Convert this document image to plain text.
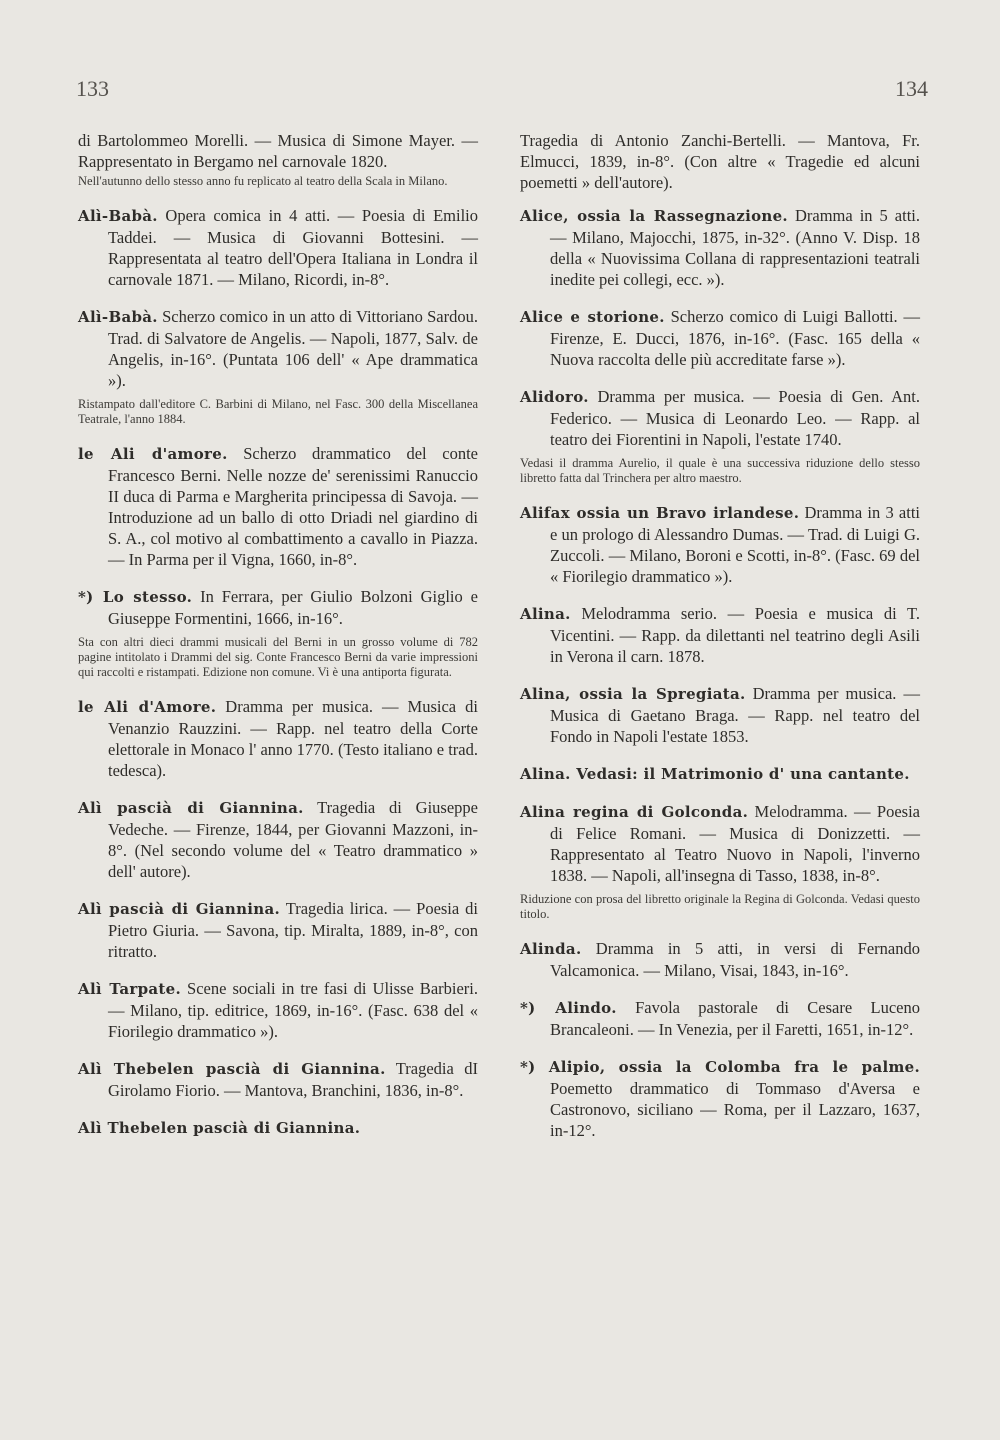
133	134

di Bartolommeo Morelli. — Musica di Simone Mayer. — Rappresentato in Bergamo nel carnovale 1820.

Nell'autunno dello stesso anno fu replicato al teatro della Scala in Milano.

Alì-Babà. Opera comica in 4 atti. — Poesia di Emilio Taddei. — Musica di Giovanni Bottesini. — Rappresentata al teatro dell'Opera Italiana in Londra il carnovale 1871. — Milano, Ricordi, in-8°.

Alì-Babà. Scherzo comico in un atto di Vittoriano Sardou. Trad. di Salvatore de Angelis. — Napoli, 1877, Salv. de Angelis, in-16°. (Puntata 106 dell' « Ape drammatica »).

Ristampato dall'editore C. Barbini di Milano, nel Fasc. 300 della Miscellanea Teatrale, l'anno 1884.

le Ali d'amore. Scherzo drammatico del conte Francesco Berni. Nelle nozze de' serenissimi Ranuccio II duca di Parma e Margherita principessa di Savoja. — Introduzione ad un ballo di otto Driadi nel giardino di S. A., col motivo al combattimento a cavallo in Piazza. — In Parma per il Vigna, 1660, in-8°.

*) Lo stesso. In Ferrara, per Giulio Bolzoni Giglio e Giuseppe Formentini, 1666, in-16°.

Sta con altri dieci drammi musicali del Berni in un grosso volume di 782 pagine intitolato i Drammi del sig. Conte Francesco Berni da varie impressioni qui raccolti e ristampati. Edizione non comune. Vi è una antiporta figurata.

le Ali d'Amore. Dramma per musica. — Musica di Venanzio Rauzzini. — Rapp. nel teatro della Corte elettorale in Monaco l' anno 1770. (Testo italiano e trad. tedesca).

Alì pascià di Giannina. Tragedia di Giuseppe Vedeche. — Firenze, 1844, per Giovanni Mazzoni, in-8°. (Nel secondo volume del « Teatro drammatico » dell' autore).

Alì pascià di Giannina. Tragedia lirica. — Poesia di Pietro Giuria. — Savona, tip. Miralta, 1889, in-8°, con ritratto.

Alì Tarpate. Scene sociali in tre fasi di Ulisse Barbieri. — Milano, tip. editrice, 1869, in-16°. (Fasc. 638 del « Fiorilegio drammatico »).

Alì Thebelen pascià di Giannina. Tragedia dI Girolamo Fiorio. — Mantova, Branchini, 1836, in-8°.

Alì Thebelen pascià di Giannina.

Tragedia di Antonio Zanchi-Bertelli. — Mantova, Fr. Elmucci, 1839, in-8°. (Con altre « Tragedie ed alcuni poemetti » dell'autore).

Alice, ossia la Rassegnazione. Dramma in 5 atti. — Milano, Majocchi, 1875, in-32°. (Anno V. Disp. 18 della « Nuovissima Collana di rappresentazioni teatrali inedite pei collegi, ecc. »).

Alice e storione. Scherzo comico di Luigi Ballotti. — Firenze, E. Ducci, 1876, in-16°. (Fasc. 165 della « Nuova raccolta delle più accreditate farse »).

Alidoro. Dramma per musica. — Poesia di Gen. Ant. Federico. — Musica di Leonardo Leo. — Rapp. al teatro dei Fiorentini in Napoli, l'estate 1740.

Vedasi il dramma Aurelio, il quale è una successiva riduzione dello stesso libretto fatta dal Trinchera per altro maestro.

Alifax ossia un Bravo irlandese. Dramma in 3 atti e un prologo di Alessandro Dumas. — Trad. di Luigi G. Zuccoli. — Milano, Boroni e Scotti, in-8°. (Fasc. 69 del « Fiorilegio drammatico »).

Alina. Melodramma serio. — Poesia e musica di T. Vicentini. — Rapp. da dilettanti nel teatrino degli Asili in Verona il carn. 1878.

Alina, ossia la Spregiata. Dramma per musica. — Musica di Gaetano Braga. — Rapp. nel teatro del Fondo in Napoli l'estate 1853.

Alina. Vedasi: il Matrimonio d' una cantante.

Alina regina di Golconda. Melodramma. — Poesia di Felice Romani. — Musica di Donizzetti. — Rappresentato al Teatro Nuovo in Napoli, l'inverno 1838. — Napoli, all'insegna di Tasso, 1838, in-8°.

Riduzione con prosa del libretto originale la Regina di Golconda. Vedasi questo titolo.

Alinda. Dramma in 5 atti, in versi di Fernando Valcamonica. — Milano, Visai, 1843, in-16°.

*) Alindo. Favola pastorale di Cesare Luceno Brancaleoni. — In Venezia, per il Faretti, 1651, in-12°.

*) Alipio, ossia la Colomba fra le palme. Poemetto drammatico di Tommaso d'Aversa e Castronovo, siciliano — Roma, per il Lazzaro, 1637, in-12°.
